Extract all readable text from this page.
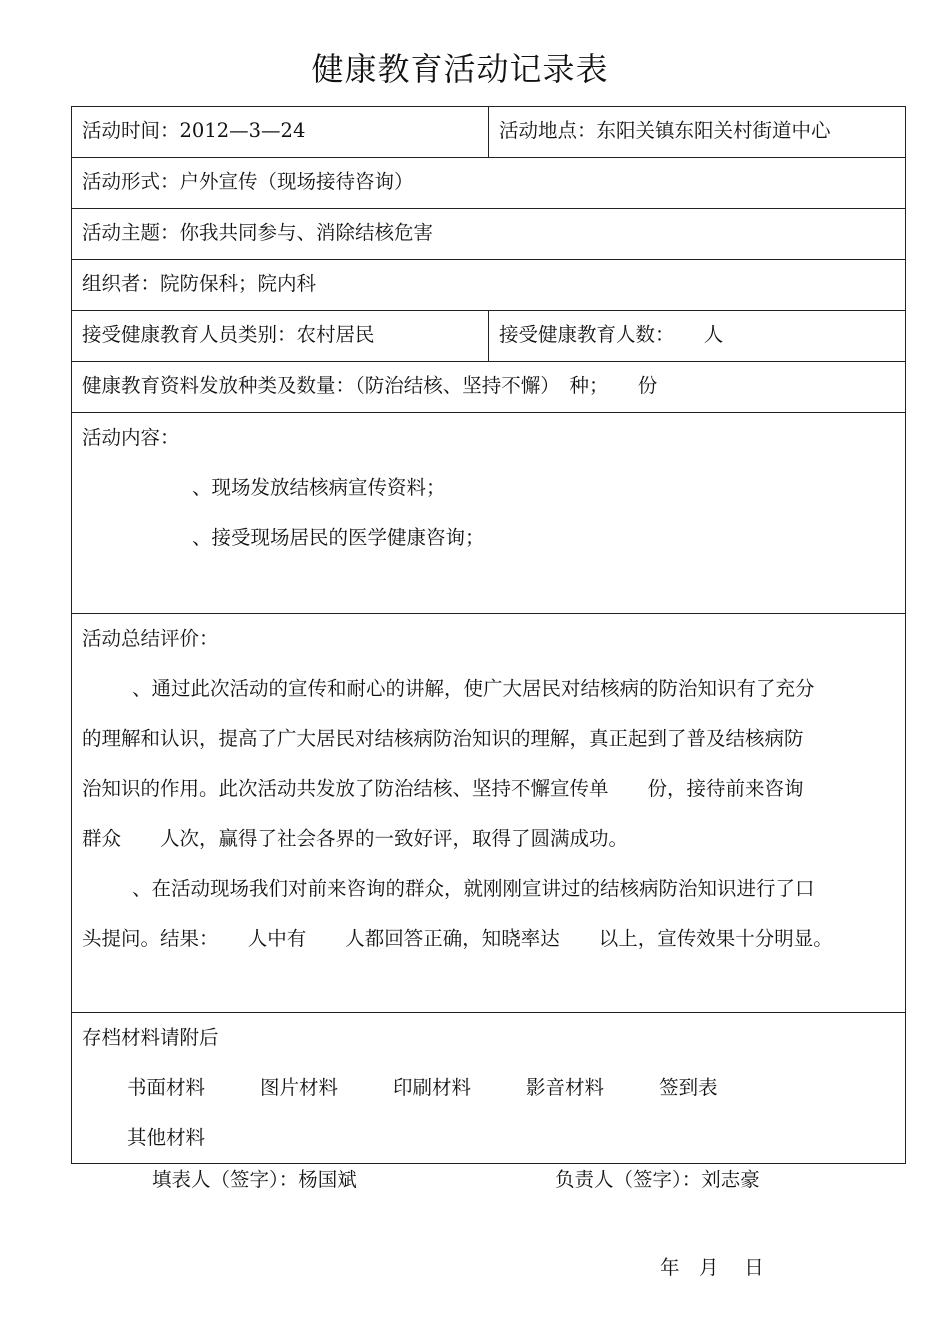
健康教育活动记录表
活动时间：2012—3—24	活动地点：东阳关镇东阳关村街道中心
活动形式：户外宣传（现场接待咨询）
活动主题：你我共同参与、消除结核危害
组织者：院防保科；院内科
接受健康教育人员类别：农村居民	接受健康教育人数：　　人
健康教育资料发放种类及数量：（防治结核、坚持不懈）　种；　　份
活动内容：
、现场发放结核病宣传资料；
、接受现场居民的医学健康咨询；
活动总结评价：
、通过此次活动的宣传和耐心的讲解，使广大居民对结核病的防治知识有了充分
的理解和认识，提高了广大居民对结核病防治知识的理解，真正起到了普及结核病防
治知识的作用。此次活动共发放了防治结核、坚持不懈宣传单　　份，接待前来咨询
群众　　人次，赢得了社会各界的一致好评，取得了圆满成功。
、在活动现场我们对前来咨询的群众，就刚刚宣讲过的结核病防治知识进行了口
头提问。结果：　　人中有　　人都回答正确，知晓率达　　以上，宣传效果十分明显。
存档材料请附后
书面材料	图片材料	印刷材料	影音材料	签到表
其他材料
填表人（签字）：杨国斌	负责人（签字）：刘志豪
年　月　 日
